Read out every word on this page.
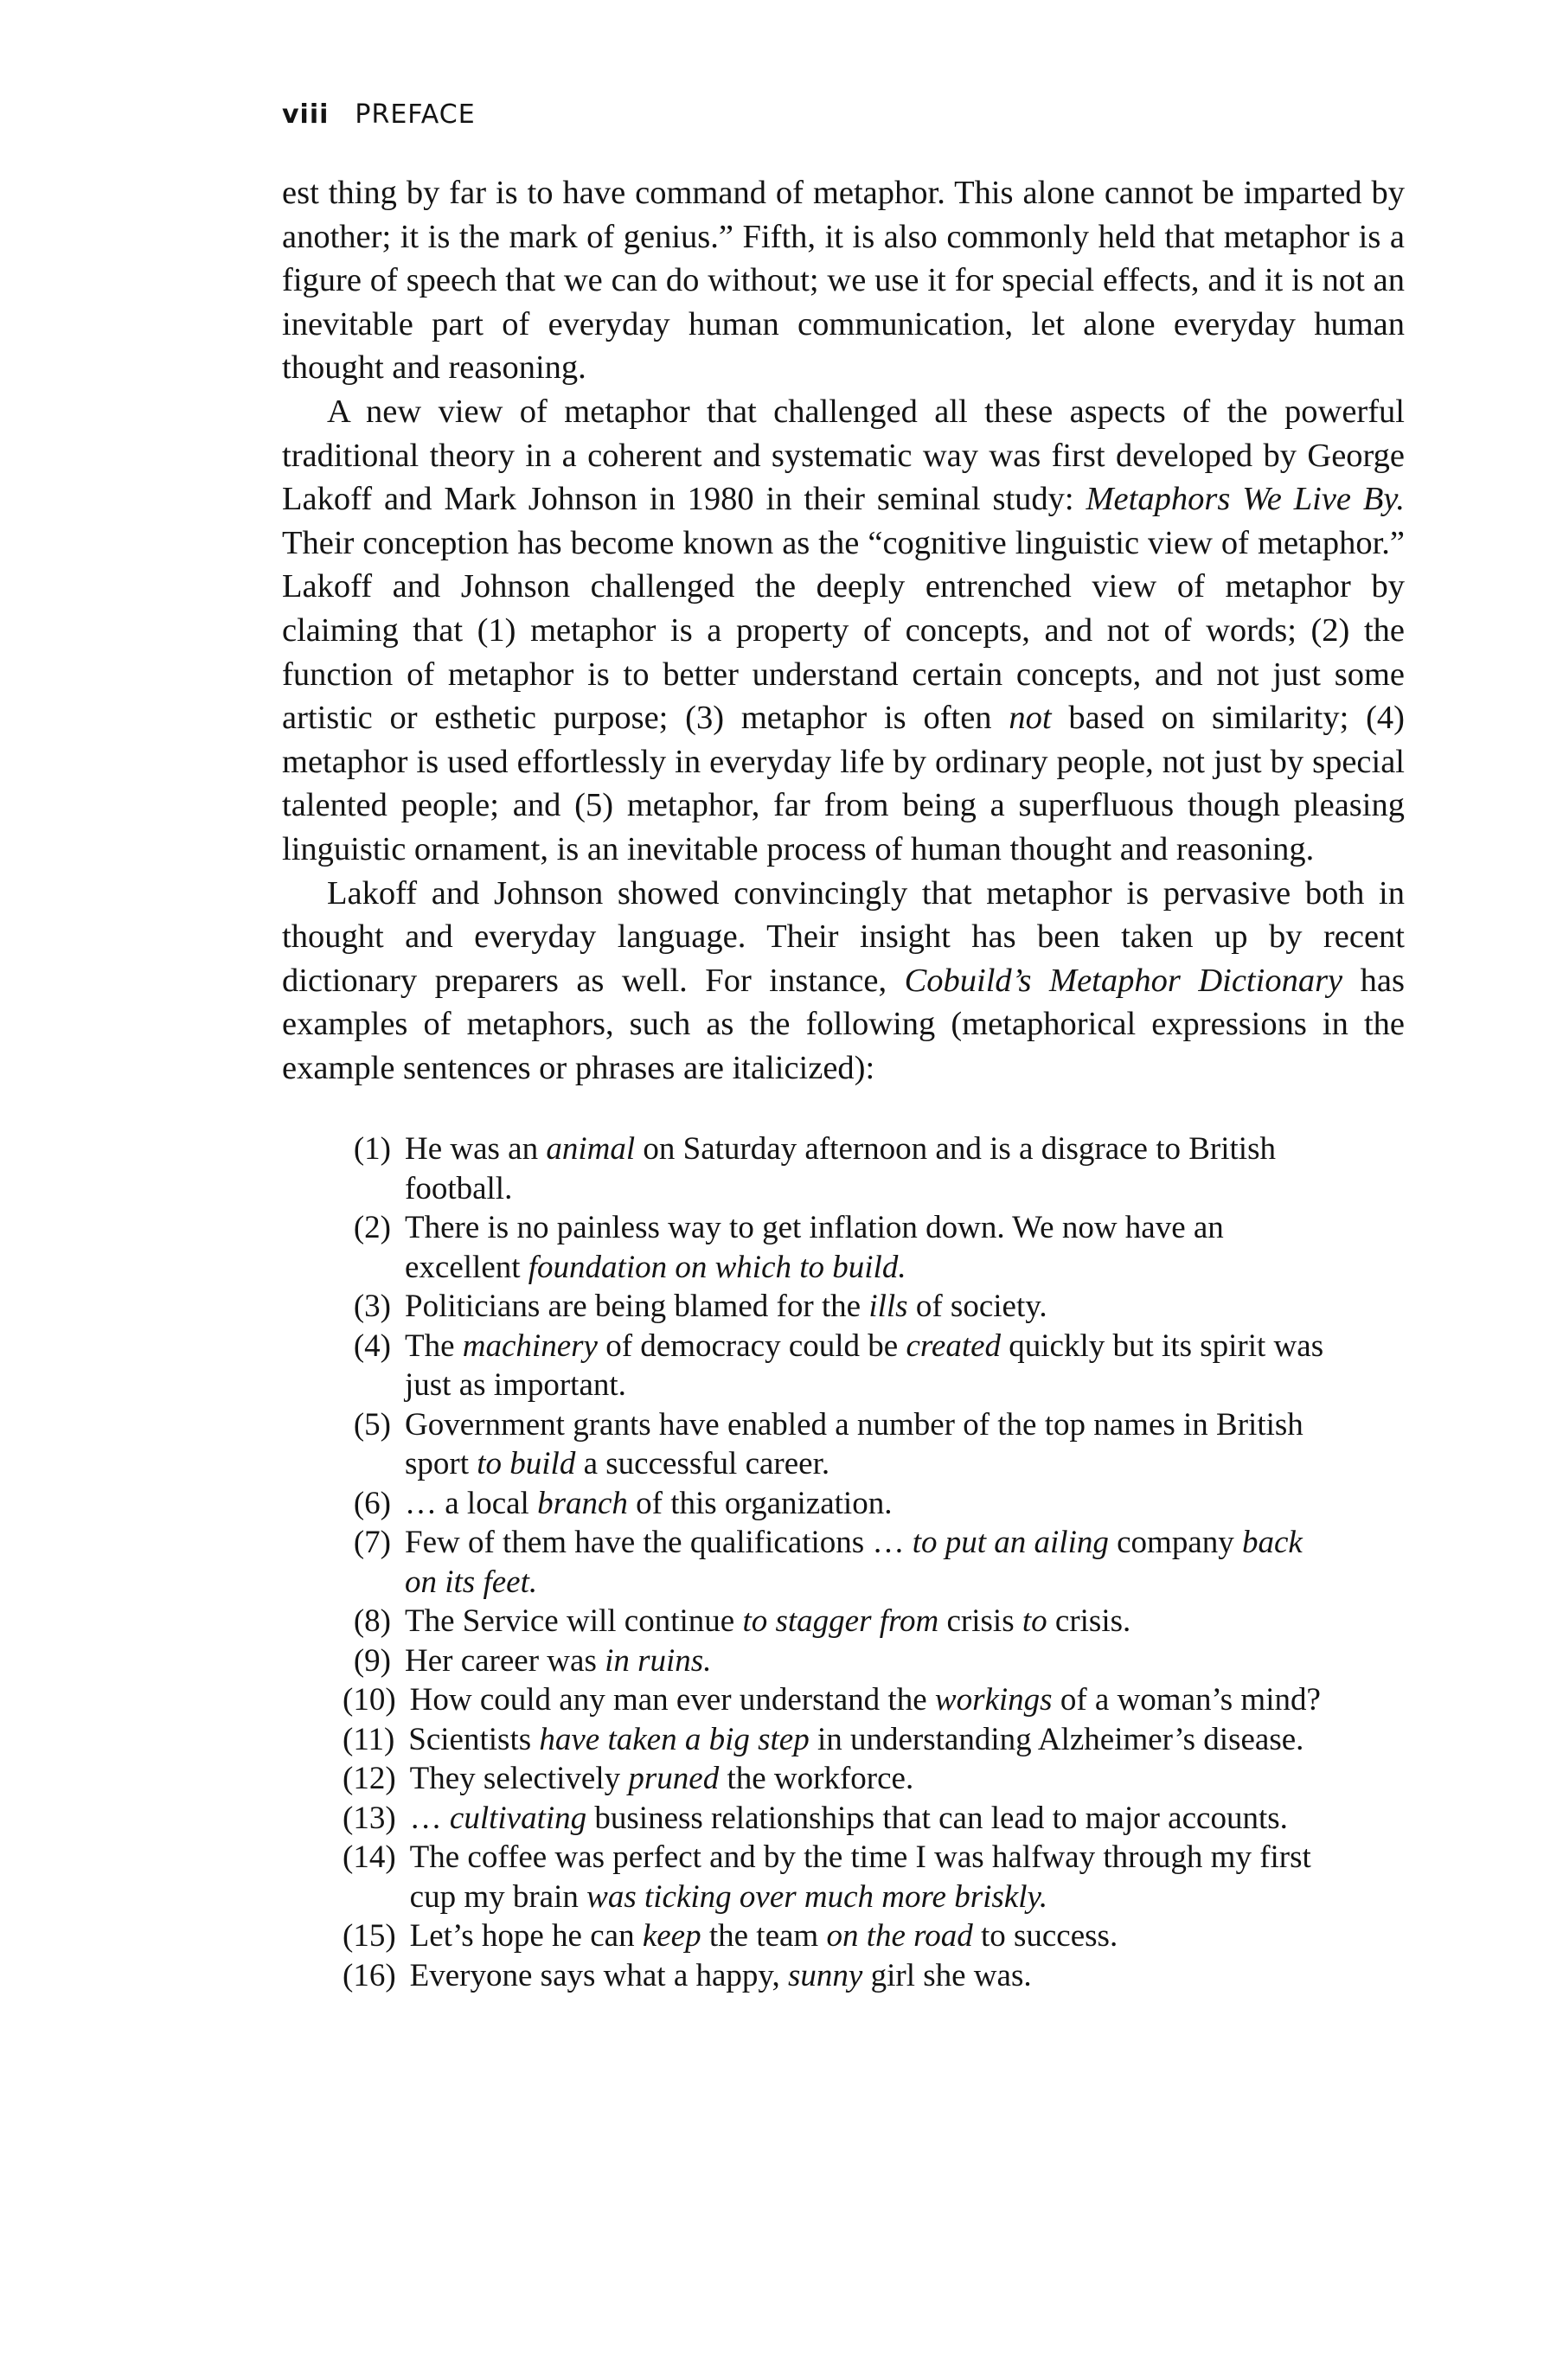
viii PREFACE

est thing by far is to have command of metaphor. This alone cannot be imparted by another; it is the mark of genius.” Fifth, it is also commonly held that metaphor is a figure of speech that we can do without; we use it for special effects, and it is not an inevitable part of everyday human communication, let alone everyday human thought and reasoning.

A new view of metaphor that challenged all these aspects of the powerful traditional theory in a coherent and systematic way was first developed by George Lakoff and Mark Johnson in 1980 in their seminal study: Metaphors We Live By. Their conception has become known as the “cognitive linguistic view of metaphor.” Lakoff and Johnson challenged the deeply entrenched view of metaphor by claiming that (1) metaphor is a property of concepts, and not of words; (2) the function of metaphor is to better understand certain concepts, and not just some artistic or esthetic purpose; (3) metaphor is often not based on similarity; (4) metaphor is used effortlessly in everyday life by ordinary people, not just by special talented people; and (5) metaphor, far from being a superfluous though pleasing linguistic ornament, is an inevitable process of human thought and reasoning.

Lakoff and Johnson showed convincingly that metaphor is pervasive both in thought and everyday language. Their insight has been taken up by recent dictionary preparers as well. For instance, Cobuild’s Metaphor Dictionary has examples of metaphors, such as the following (metaphorical expressions in the example sentences or phrases are italicized):

(1) He was an animal on Saturday afternoon and is a disgrace to British football.
(2) There is no painless way to get inflation down. We now have an excellent foundation on which to build.
(3) Politicians are being blamed for the ills of society.
(4) The machinery of democracy could be created quickly but its spirit was just as important.
(5) Government grants have enabled a number of the top names in British sport to build a successful career.
(6) … a local branch of this organization.
(7) Few of them have the qualifications … to put an ailing company back on its feet.
(8) The Service will continue to stagger from crisis to crisis.
(9) Her career was in ruins.
(10) How could any man ever understand the workings of a woman’s mind?
(11) Scientists have taken a big step in understanding Alzheimer’s disease.
(12) They selectively pruned the workforce.
(13) … cultivating business relationships that can lead to major accounts.
(14) The coffee was perfect and by the time I was halfway through my first cup my brain was ticking over much more briskly.
(15) Let’s hope he can keep the team on the road to success.
(16) Everyone says what a happy, sunny girl she was.
